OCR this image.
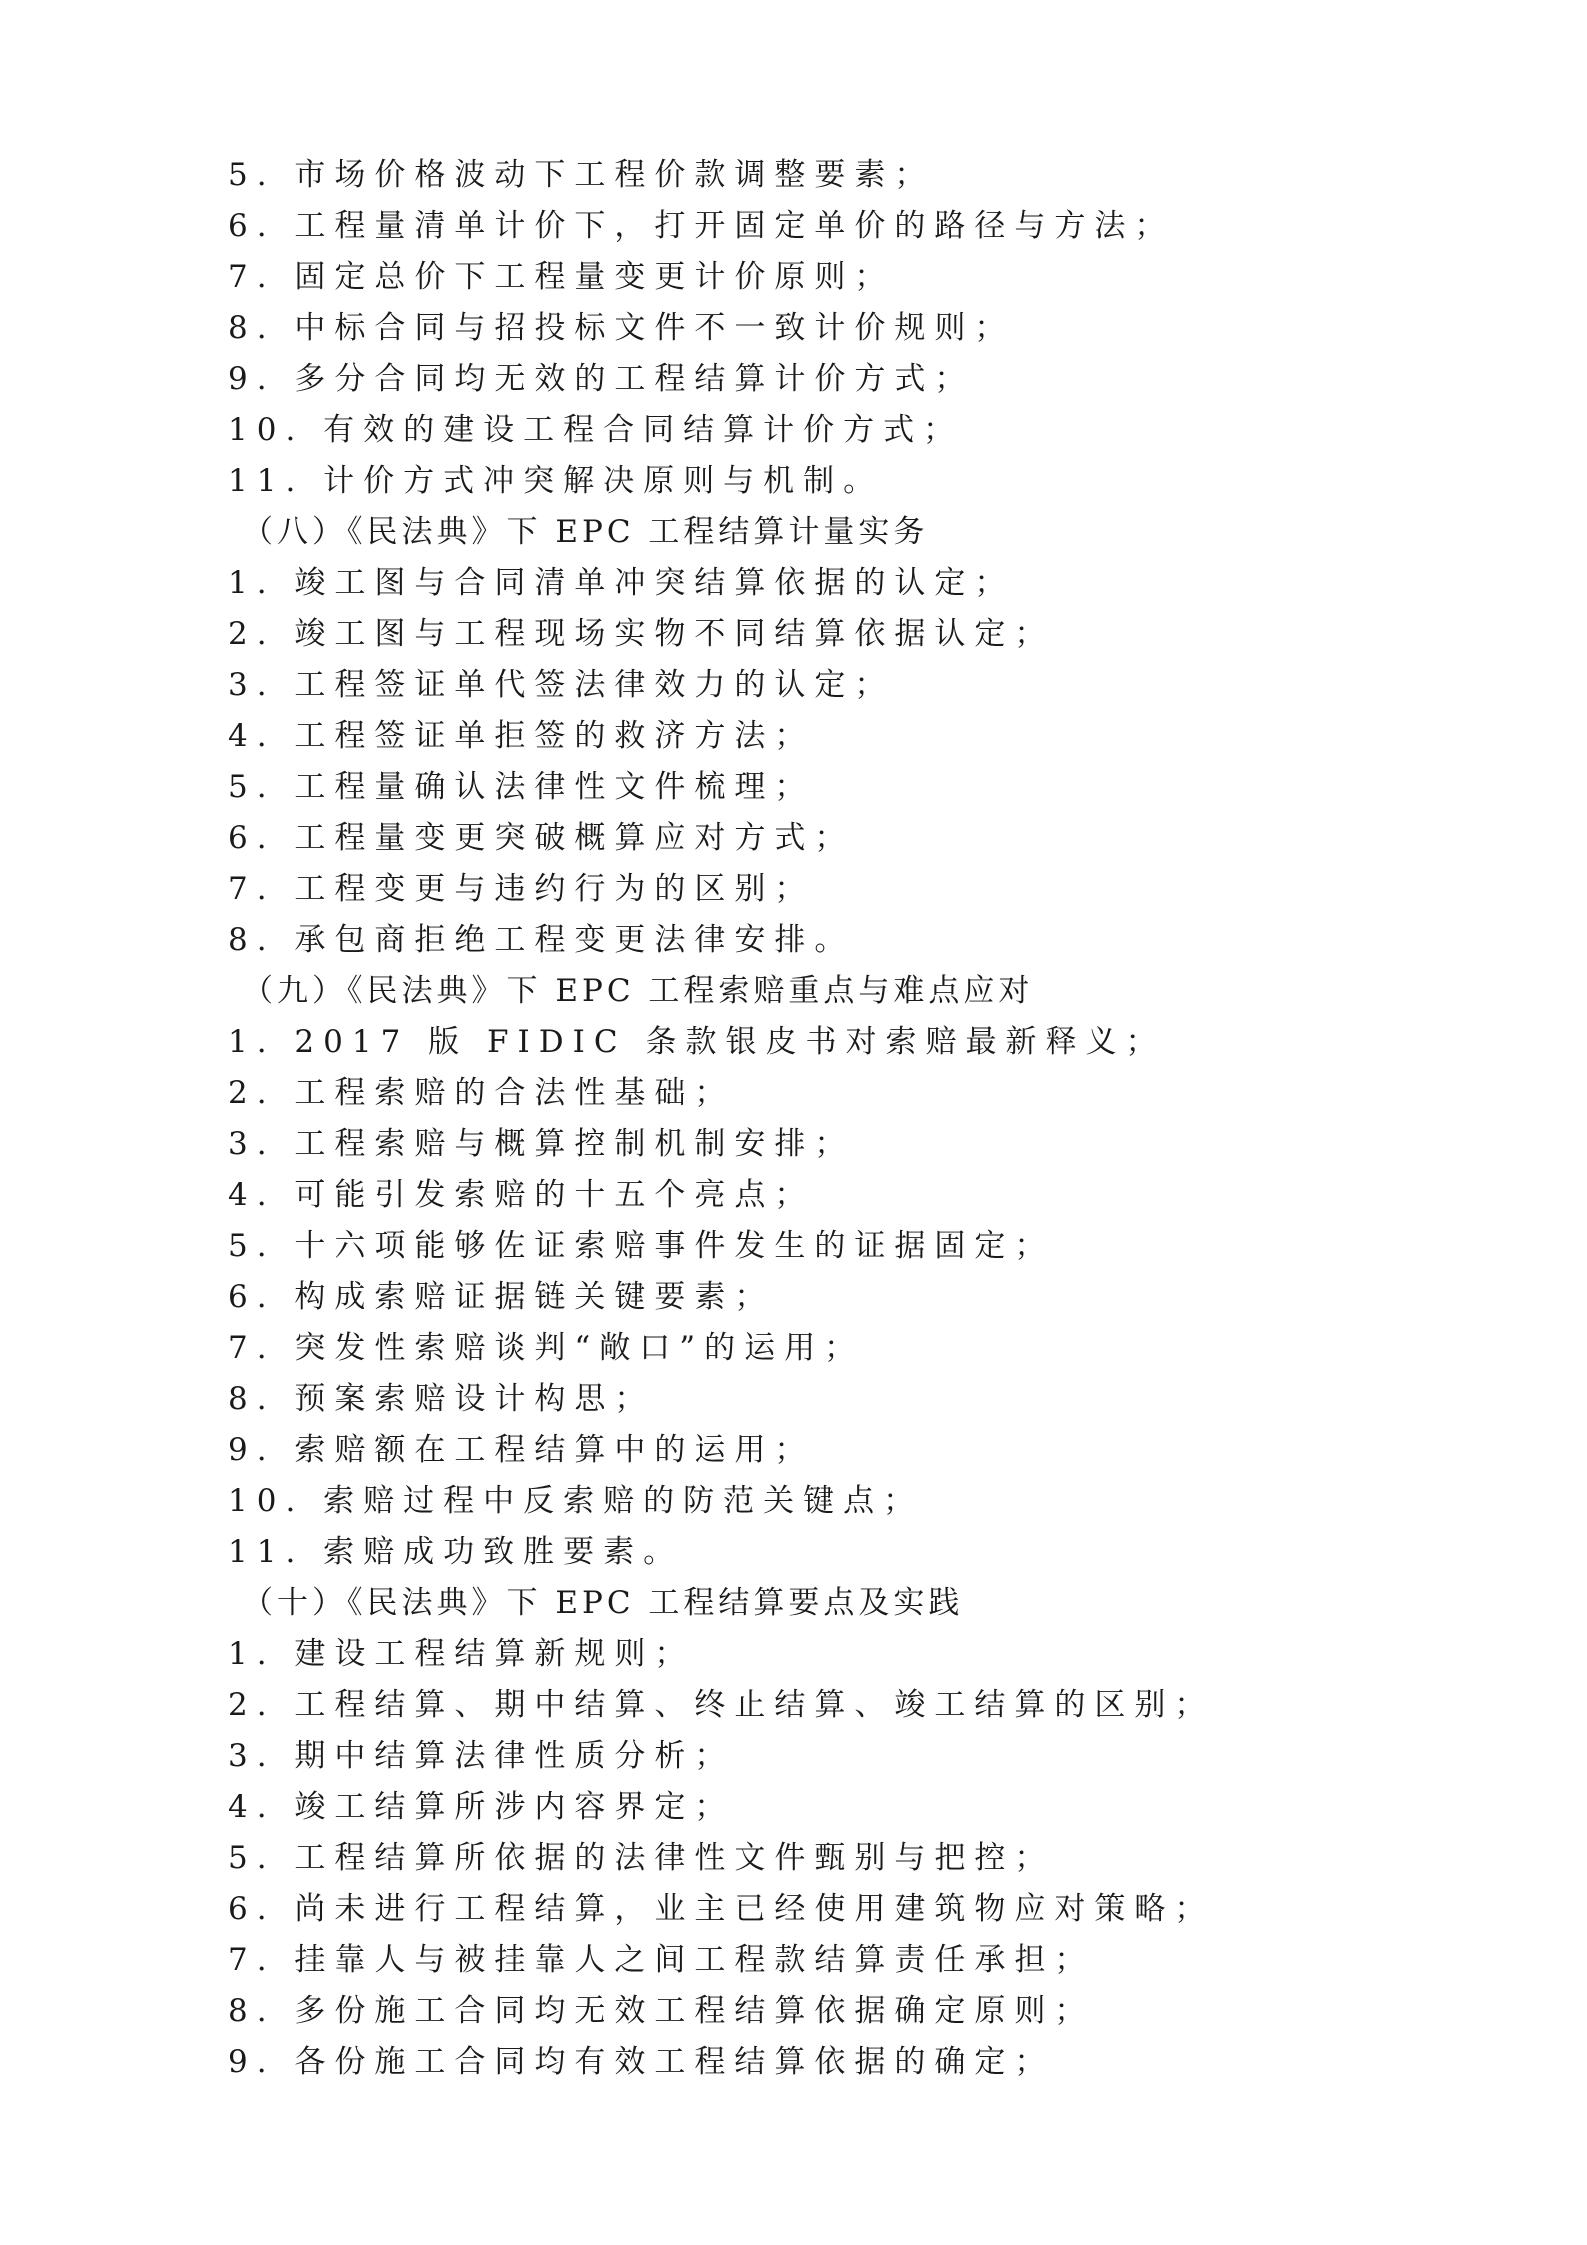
5. 市场价格波动下工程价款调整要素；
6. 工程量清单计价下，打开固定单价的路径与方法；
7. 固定总价下工程量变更计价原则；
8. 中标合同与招投标文件不一致计价规则；
9. 多分合同均无效的工程结算计价方式；
10. 有效的建设工程合同结算计价方式；
11. 计价方式冲突解决原则与机制。
（八）《民法典》下 EPC 工程结算计量实务
1. 竣工图与合同清单冲突结算依据的认定；
2. 竣工图与工程现场实物不同结算依据认定；
3. 工程签证单代签法律效力的认定；
4. 工程签证单拒签的救济方法；
5. 工程量确认法律性文件梳理；
6. 工程量变更突破概算应对方式；
7. 工程变更与违约行为的区别；
8. 承包商拒绝工程变更法律安排。
（九）《民法典》下 EPC 工程索赔重点与难点应对
1. 2017 版 FIDIC 条款银皮书对索赔最新释义；
2. 工程索赔的合法性基础；
3. 工程索赔与概算控制机制安排；
4. 可能引发索赔的十五个亮点；
5. 十六项能够佐证索赔事件发生的证据固定；
6. 构成索赔证据链关键要素；
7. 突发性索赔谈判“敞口”的运用；
8. 预案索赔设计构思；
9. 索赔额在工程结算中的运用；
10. 索赔过程中反索赔的防范关键点；
11. 索赔成功致胜要素。
（十）《民法典》下 EPC 工程结算要点及实践
1. 建设工程结算新规则；
2. 工程结算、期中结算、终止结算、竣工结算的区别；
3. 期中结算法律性质分析；
4. 竣工结算所涉内容界定；
5. 工程结算所依据的法律性文件甄别与把控；
6. 尚未进行工程结算，业主已经使用建筑物应对策略；
7. 挂靠人与被挂靠人之间工程款结算责任承担；
8. 多份施工合同均无效工程结算依据确定原则；
9. 各份施工合同均有效工程结算依据的确定；
